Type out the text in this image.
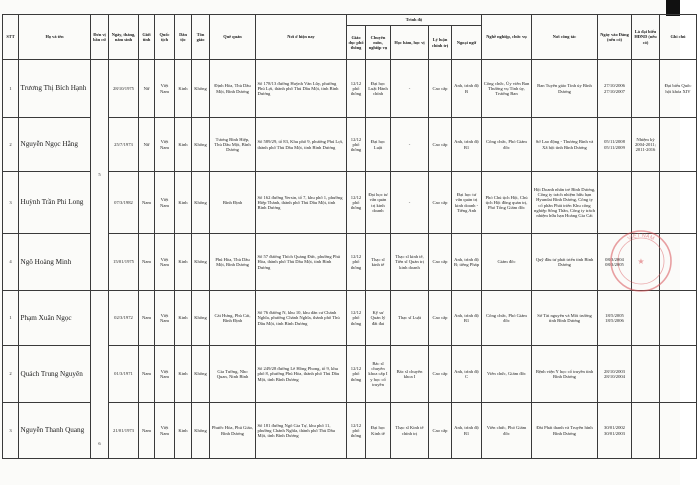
STT	Họ và tên	Đơn vị bầu cử	Ngày, tháng, năm sinh	Giới tính	Quốc tịch	Dân tộc	Tôn giáo	Quê quán	Nơi ở hiện nay	Trình độ					Nghề nghiệp, chức vụ	Nơi công tác	Ngày vào Đảng (nếu có)	Là đại biểu HĐND (nếu có)	Ghi chú
										Giáo dục phổ thông	Chuyên môn, nghiệp vụ	Học hàm, học vị	Lý luận chính trị	Ngoại ngữ					
1	Trương Thị Bích Hạnh	5	28/10/1975	Nữ	Việt Nam	Kinh	Không	Định Hòa, Thủ Dầu Một, Bình Dương	Số 178/13 đường Huỳnh Văn Lũy, phường Phú Lợi, thành phố Thủ Dầu Một, tỉnh Bình Dương	12/12 phổ thông	Đại học Luật Hành chính	-	Cao cấp	Anh, trình độ B	Công chức, Ủy viên Ban Thường vụ Tỉnh ủy, Trưởng Ban	Ban Tuyên giáo Tỉnh ủy Bình Dương	27/10/2006
27/10/2007		Đại biểu Quốc hội khóa XIV
2	Nguyễn Ngọc Hằng		25/7/1973	Nữ	Việt Nam	Kinh	Không	Tương Bình Hiệp, Thủ Dầu Một, Bình Dương	Số 589/29, tổ 83, Khu phố 9, phường Phú Lợi, thành phố Thủ Dầu Một, tỉnh Bình Dương	12/12 phổ thông	Đại học Luật	-	Cao cấp	Anh, trình độ B1	Công chức, Phó Giám đốc	Sở Lao động - Thương Binh và Xã hội tỉnh Bình Dương	05/11/2008
05/11/2009	Nhiệm kỳ 2004-2011; 2011-2016	
3	Huỳnh Trần Phi Long		07/3/1982	Nam	Việt Nam	Kinh	Không	Bình Định	Số 162 đường Yersin, tổ 7, khu phố 1, phường Hiệp Thành, thành phố Thủ Dầu Một, tỉnh Bình Dương	12/12 phổ thông	Đại học tư vấn quản trị kinh doanh	-	Cao cấp	Đại học tư vấn quản trị kinh doanh - Tiếng Anh	Phó Chủ tịch Hội, Chủ tịch Hội đồng quản trị, Phó Tổng Giám đốc	Hội Doanh nhân trẻ Bình Dương, Công ty trách nhiệm hữu hạn Hyundai Bình Dương, Công ty cổ phần Phát triển Khu công nghiệp Sông Thần, Công ty trách nhiệm hữu hạn Hoàng Gia Cát			
4	Ngô Hoàng Minh		15/01/1975	Nam	Việt Nam	Kinh	Không	Phú Hòa, Thủ Dầu Một, Bình Dương	Số 57 đường Thích Quảng Đức, phường Phú Hòa, thành phố Thủ Dầu Một, tỉnh Bình Dương	12/12 phổ thông	Thạc sĩ kinh tế	Thạc sĩ kinh tế, Tiến sĩ Quản trị kinh doanh	Cao cấp	Anh, trình độ B; tiếng Pháp	Giám đốc	Quỹ đầu tư phát triển tỉnh Bình Dương	08/3/2004
08/3/2005		
1	Phạm Xuân Ngọc	6	02/3/1972	Nam	Việt Nam	Kinh	Không	Cát Hưng, Phù Cát, Bình Định	Số 76 đường N, khu 10, khu dân cư Chánh Nghĩa, phường Chánh Nghĩa, thành phố Thủ Dầu Một, tỉnh Bình Dương	12/12 phổ thông	Kỹ sư Quản lý đất đai	Thạc sĩ Luật	Cao cấp	Anh, trình độ B1	Công chức, Phó Giám đốc	Sở Tài nguyên và Môi trường tỉnh Bình Dương	18/5/2005
18/5/2006		
2	Quách Trung Nguyên		01/3/1971	Nam	Việt Nam	Kinh	Không	Gia Tường, Nho Quan, Ninh Bình	Số 249/28 đường Lê Hồng Phong, tổ 9, khu phố 8, phường Phú Hòa, thành phố Thủ Dầu Một, tỉnh Bình Dương	12/12 phổ thông	Bác sĩ chuyên khoa cấp I y học cổ truyền	Bác sĩ chuyên khoa I	Cao cấp	Anh, trình độ C	Viên chức, Giám đốc	Bệnh viện Y học cổ truyền tỉnh Bình Dương	28/10/2003
28/10/2004		
3	Nguyễn Thanh Quang		21/01/1973	Nam	Việt Nam	Kinh	Không	Phước Hòa, Phú Giáo, Bình Dương	Số 181 đường Ngô Gia Tự, khu phố 11, phường Chánh Nghĩa, thành phố Thủ Dầu Một, tỉnh Bình Dương	12/12 phổ thông	Đại học Kinh tế	Thạc sĩ Kinh tế chính trị	Cao cấp	Anh, trình độ B1	Viên chức, Phó Giám đốc	Đài Phát thanh và Truyền hình Bình Dương	30/01/2002
30/01/2003		
VIỆT NAM
★
